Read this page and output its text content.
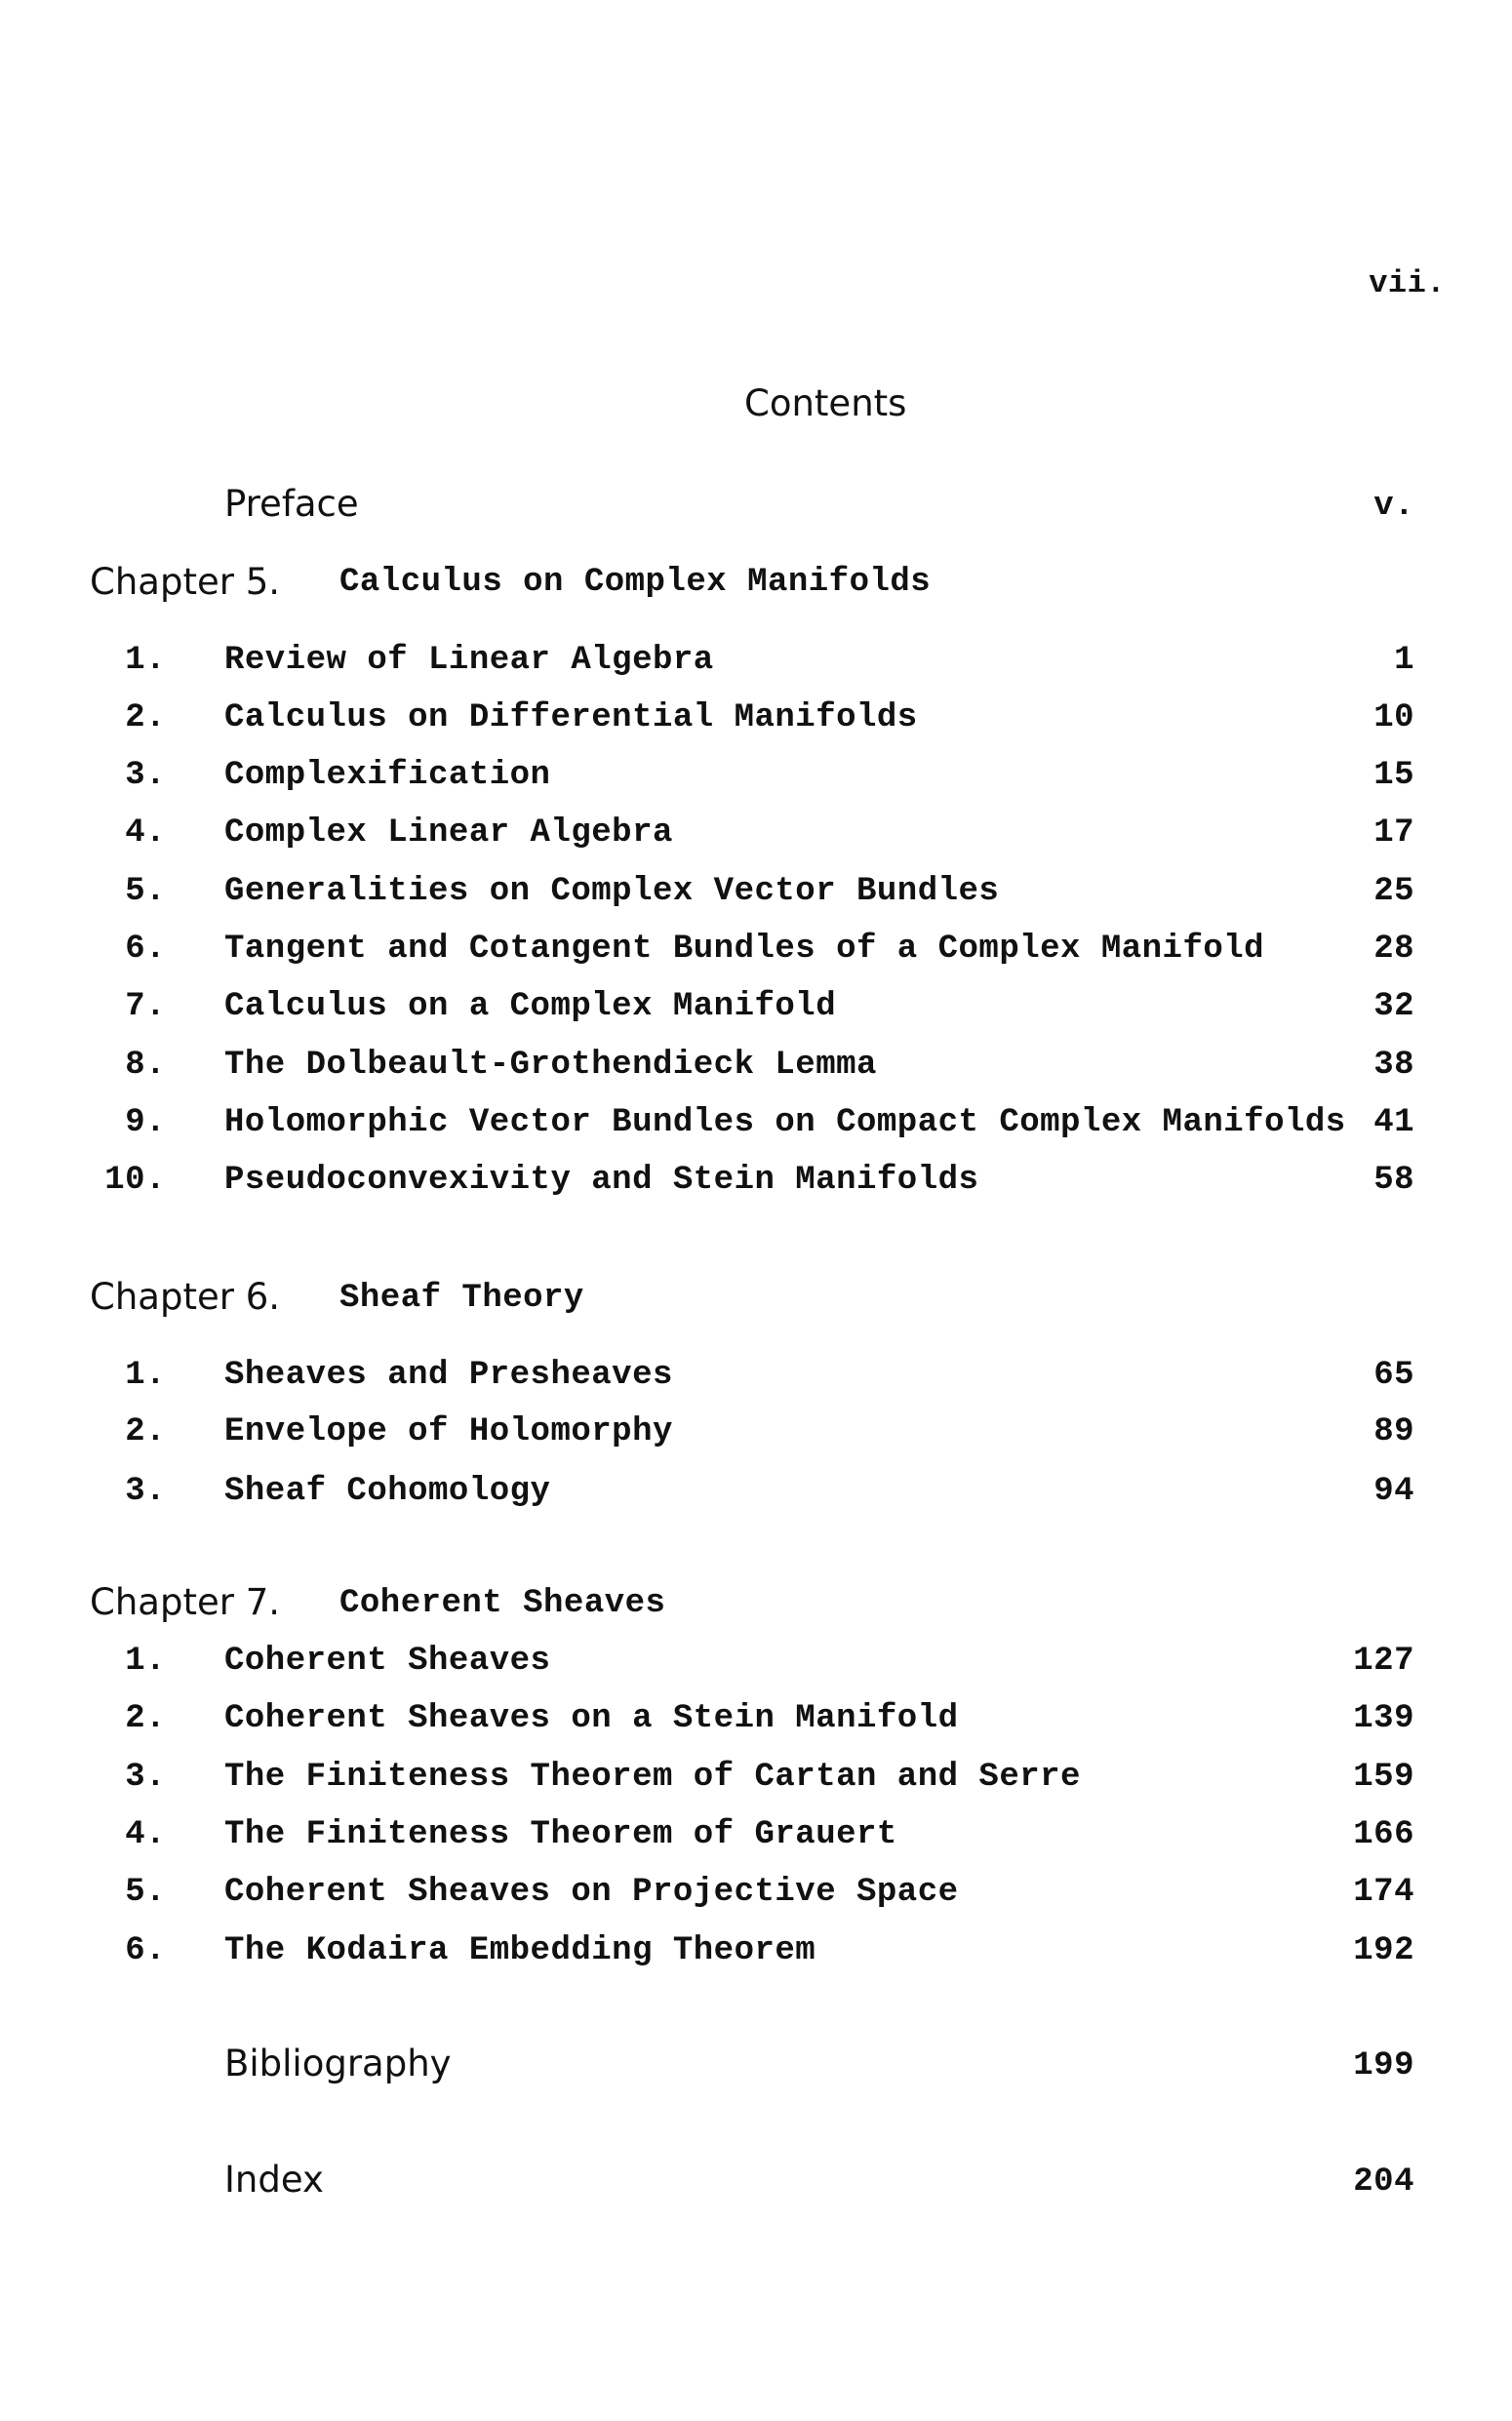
vii.
Contents
Preface	v.
Chapter 5. Calculus on Complex Manifolds
1. Review of Linear Algebra	1
2. Calculus on Differential Manifolds	10
3. Complexification	15
4. Complex Linear Algebra	17
5. Generalities on Complex Vector Bundles	25
6. Tangent and Cotangent Bundles of a Complex Manifold	28
7. Calculus on a Complex Manifold	32
8. The Dolbeault-Grothendieck Lemma	38
9. Holomorphic Vector Bundles on Compact Complex Manifolds 41
10. Pseudoconvexivity and Stein Manifolds	58
Chapter 6. Sheaf Theory
1. Sheaves and Presheaves	65
2. Envelope of Holomorphy	89
3. Sheaf Cohomology	94
Chapter 7. Coherent Sheaves
1. Coherent Sheaves	127
2. Coherent Sheaves on a Stein Manifold	139
3. The Finiteness Theorem of Cartan and Serre	159
4. The Finiteness Theorem of Grauert	166
5. Coherent Sheaves on Projective Space	174
6. The Kodaira Embedding Theorem	192
Bibliography	199
Index	204
